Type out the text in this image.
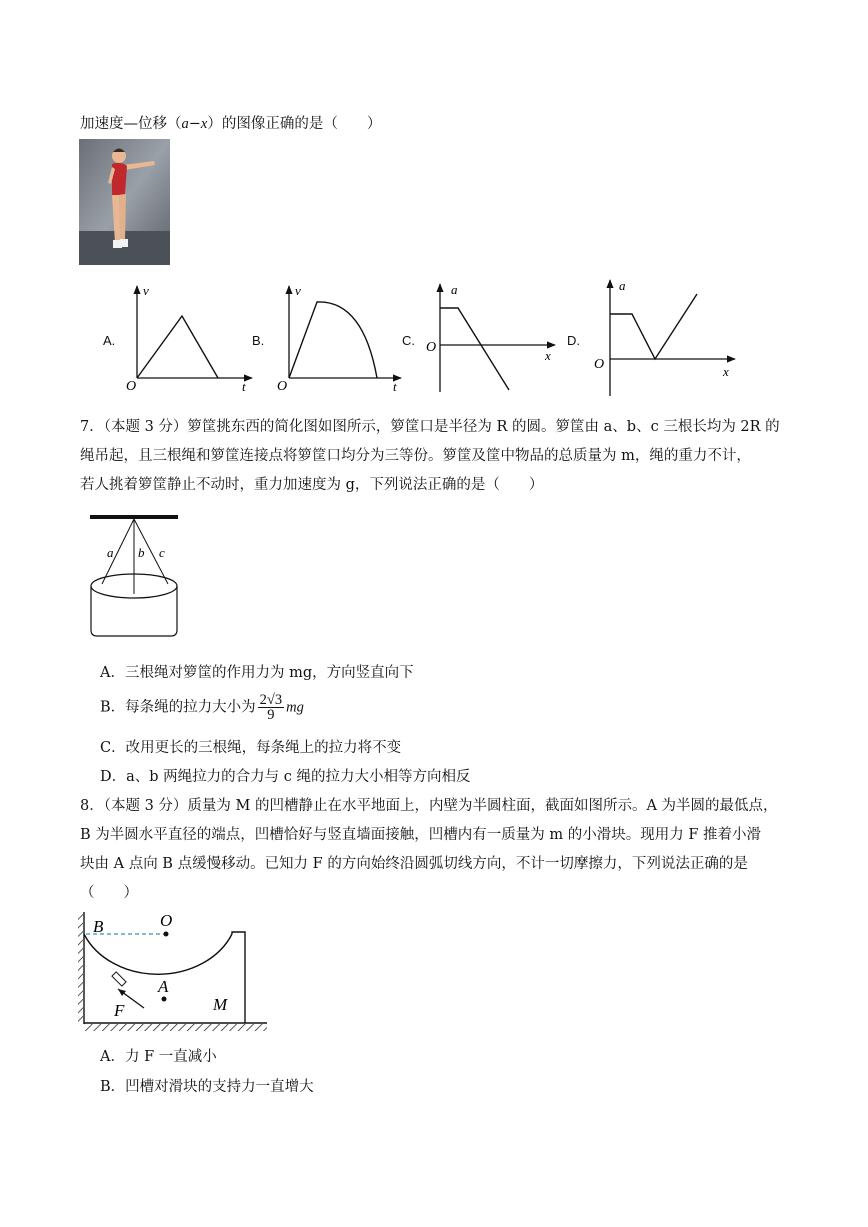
加速度—位移（a−x）的图像正确的是（　　）
A.
v
t
O
B.
v
t
O
C.
a
x
O	D.
a
x
O
7．（本题 3 分）箩筐挑东西的简化图如图所示，箩筐口是半径为 R 的圆。箩筐由 a、b、c 三根长均为 2R 的
绳吊起，且三根绳和箩筐连接点将箩筐口均分为三等份。箩筐及筐中物品的总质量为 m，绳的重力不计，
若人挑着箩筐静止不动时，重力加速度为 g，下列说法正确的是（　　）
a b c
A．三根绳对箩筐的作用力为 mg，方向竖直向下
B．每条绳的拉力大小为 $\frac{2√3}{9}$ mg
C．改用更长的三根绳，每条绳上的拉力将不变
D．a、b 两绳拉力的合力与 c 绳的拉力大小相等方向相反
8．（本题 3 分）质量为 M 的凹槽静止在水平地面上，内壁为半圆柱面，截面如图所示。A 为半圆的最低点，
B 为半圆水平直径的端点，凹槽恰好与竖直墙面接触，凹槽内有一质量为 m 的小滑块。现用力 F 推着小滑
块由 A 点向 B 点缓慢移动。已知力 F 的方向始终沿圆弧切线方向，不计一切摩擦力，下列说法正确的是
（　　）
B	O
A
F	M
A．力 F 一直减小
B．凹槽对滑块的支持力一直增大
